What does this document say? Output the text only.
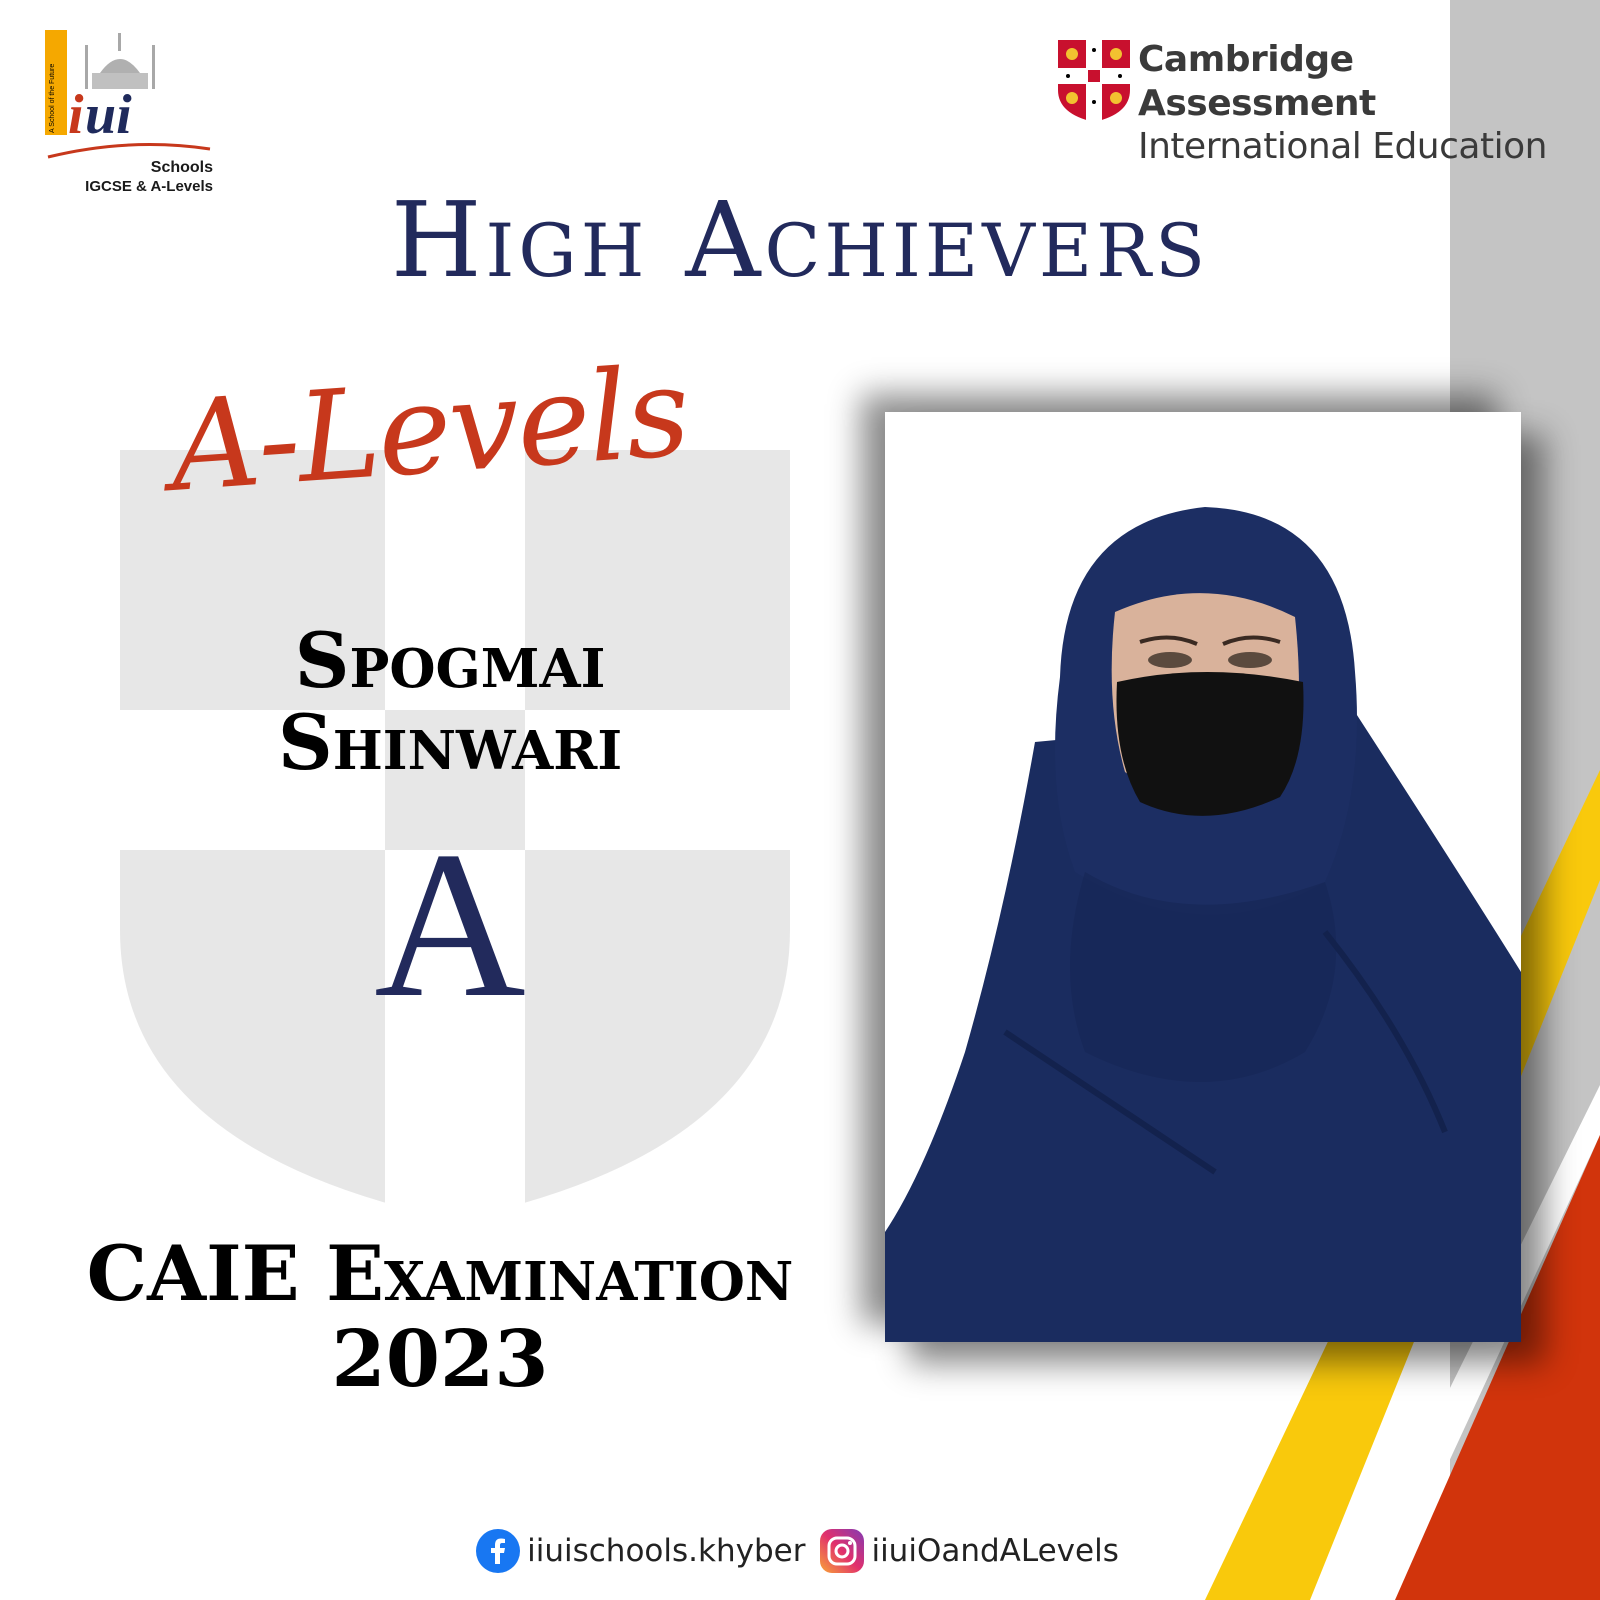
A School of the Future i ui
Schools
IGCSE & A-Levels
Cambridge Assessment
International Education
High Achievers
A-Levels
Spogmai
Shinwari
A
CAIE Examination
2023
iiuischools.khyber iiuiOandALevels
